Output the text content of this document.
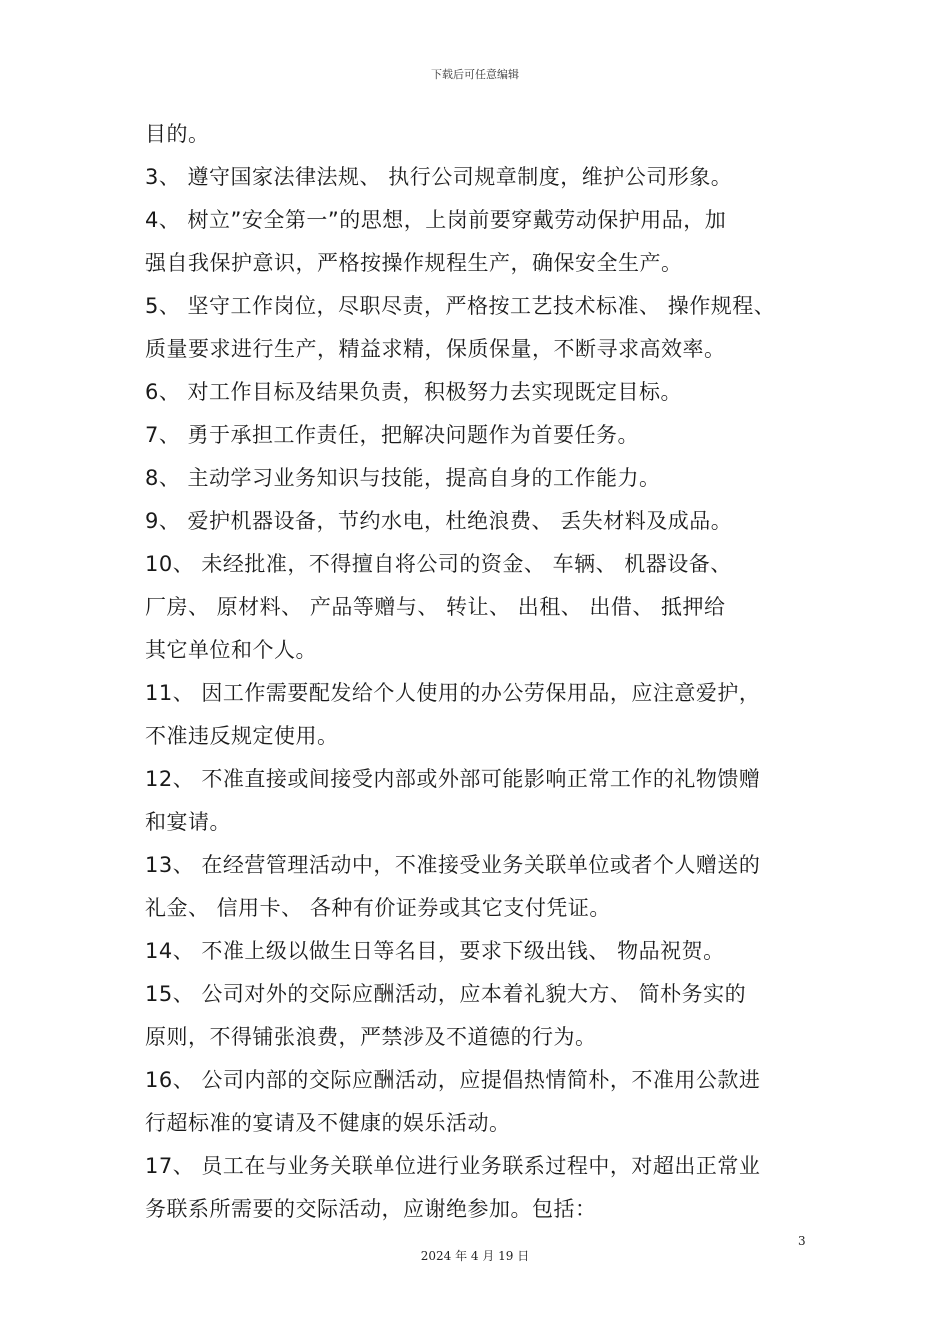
下载后可任意编辑
目的。
3、 遵守国家法律法规、 执行公司规章制度，维护公司形象。
4、 树立”安全第一”的思想，上岗前要穿戴劳动保护用品，加
强自我保护意识，严格按操作规程生产，确保安全生产。
5、 坚守工作岗位，尽职尽责，严格按工艺技术标准、 操作规程、
质量要求进行生产，精益求精，保质保量，不断寻求高效率。
6、 对工作目标及结果负责，积极努力去实现既定目标。
7、 勇于承担工作责任，把解决问题作为首要任务。
8、 主动学习业务知识与技能，提高自身的工作能力。
9、 爱护机器设备，节约水电，杜绝浪费、 丢失材料及成品。
10、 未经批准，不得擅自将公司的资金、 车辆、 机器设备、
厂房、 原材料、 产品等赠与、 转让、 出租、 出借、 抵押给
其它单位和个人。
11、 因工作需要配发给个人使用的办公劳保用品，应注意爱护，
不准违反规定使用。
12、 不准直接或间接受内部或外部可能影响正常工作的礼物馈赠
和宴请。
13、 在经营管理活动中，不准接受业务关联单位或者个人赠送的
礼金、 信用卡、 各种有价证券或其它支付凭证。
14、 不准上级以做生日等名目，要求下级出钱、 物品祝贺。
15、 公司对外的交际应酬活动，应本着礼貌大方、 简朴务实的
原则，不得铺张浪费，严禁涉及不道德的行为。
16、 公司内部的交际应酬活动，应提倡热情简朴，不准用公款进
行超标准的宴请及不健康的娱乐活动。
17、 员工在与业务关联单位进行业务联系过程中，对超出正常业
务联系所需要的交际活动，应谢绝参加。包括：
3
2024 年 4 月 19 日
